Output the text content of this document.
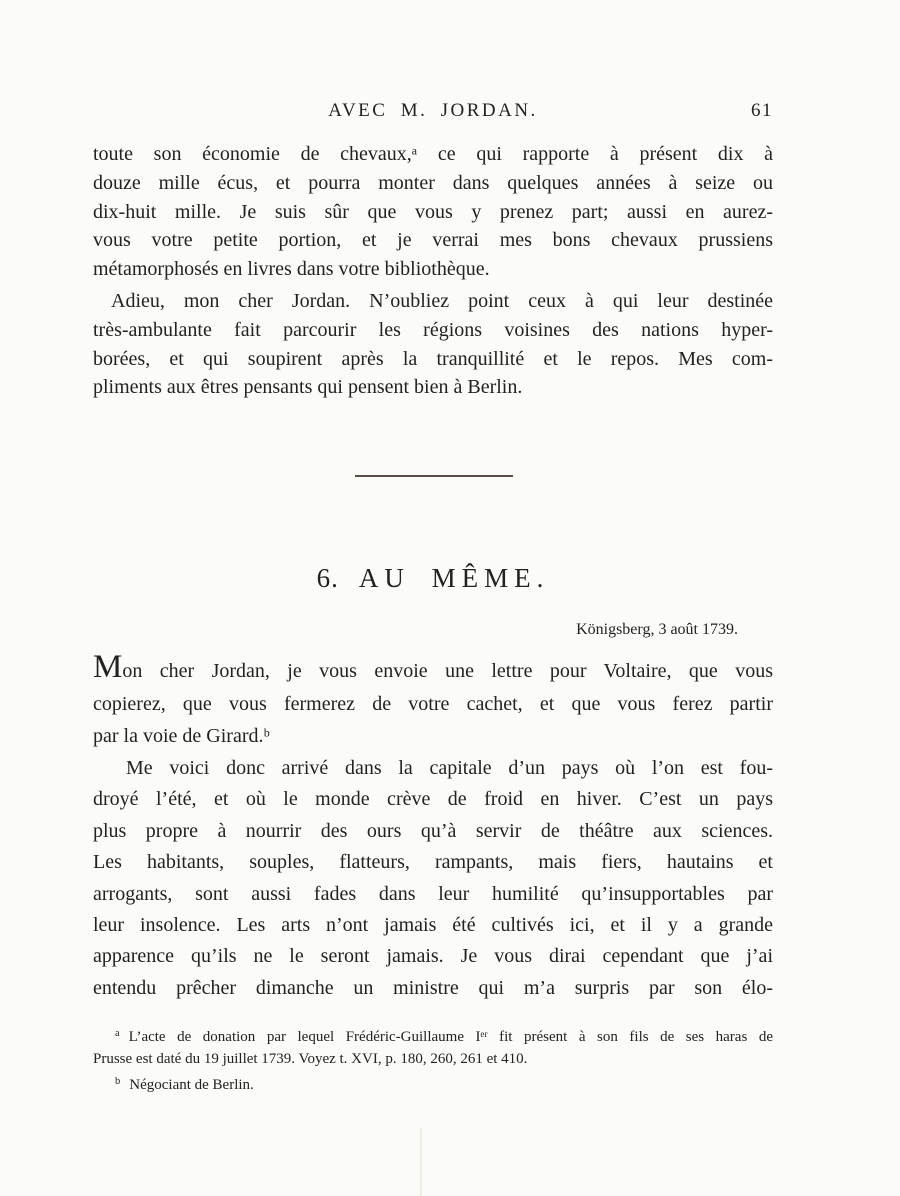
AVEC M. JORDAN.	61
toute son économie de chevaux,ᵃ ce qui rapporte à présent dix à
douze mille écus, et pourra monter dans quelques années à seize ou
dix-huit mille. Je suis sûr que vous y prenez part; aussi en aurez-
vous votre petite portion, et je verrai mes bons chevaux prussiens
métamorphosés en livres dans votre bibliothèque.
Adieu, mon cher Jordan. N’oubliez point ceux à qui leur destinée
très-ambulante fait parcourir les régions voisines des nations hyper-
borées, et qui soupirent après la tranquillité et le repos. Mes com-
pliments aux êtres pensants qui pensent bien à Berlin.
6. AU MÊME.
Königsberg, 3 août 1739.
Mon cher Jordan, je vous envoie une lettre pour Voltaire, que vous
copierez, que vous fermerez de votre cachet, et que vous ferez partir
par la voie de Girard.ᵇ
Me voici donc arrivé dans la capitale d’un pays où l’on est fou-
droyé l’été, et où le monde crève de froid en hiver. C’est un pays
plus propre à nourrir des ours qu’à servir de théâtre aux sciences.
Les habitants, souples, flatteurs, rampants, mais fiers, hautains et
arrogants, sont aussi fades dans leur humilité qu’insupportables par
leur insolence. Les arts n’ont jamais été cultivés ici, et il y a grande
apparence qu’ils ne le seront jamais. Je vous dirai cependant que j’ai
entendu prêcher dimanche un ministre qui m’a surpris par son élo-
$^a$ L’acte de donation par lequel Frédéric-Guillaume Iᵉʳ fit présent à son fils de ses haras de
Prusse est daté du 19 juillet 1739. Voyez t. XVI, p. 180, 260, 261 et 410.
$^b$ Négociant de Berlin.
